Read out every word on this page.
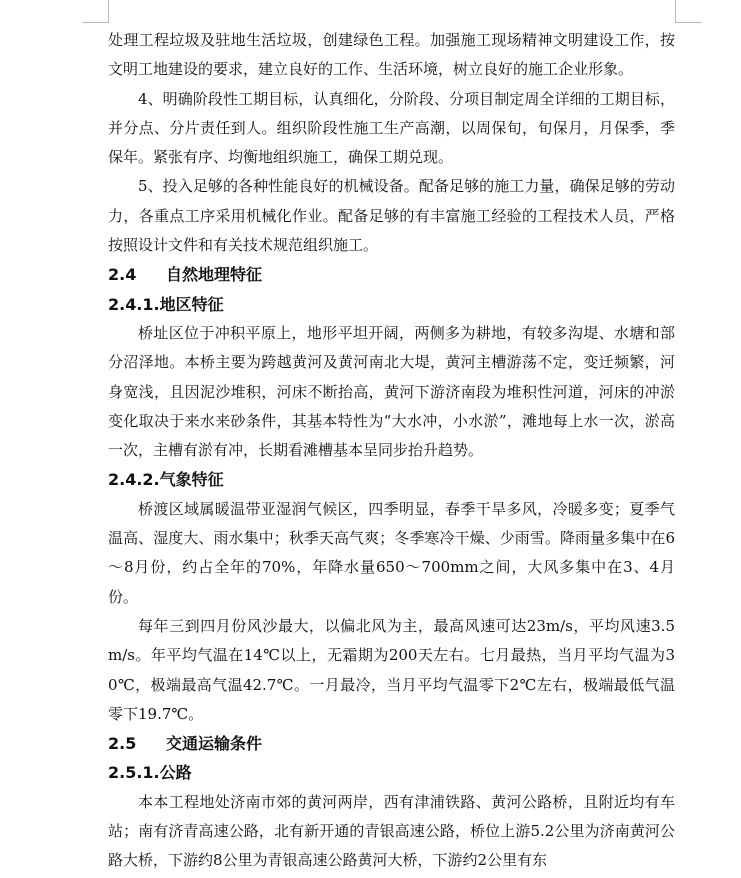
处理工程垃圾及驻地生活垃圾，创建绿色工程。加强施工现场精神文明建设工作，按文明工地建设的要求，建立良好的工作、生活环境，树立良好的施工企业形象。

4、明确阶段性工期目标，认真细化，分阶段、分项目制定周全详细的工期目标，并分点、分片责任到人。组织阶段性施工生产高潮，以周保旬，旬保月，月保季，季保年。紧张有序、均衡地组织施工，确保工期兑现。

5、投入足够的各种性能良好的机械设备。配备足够的施工力量，确保足够的劳动力，各重点工序采用机械化作业。配备足够的有丰富施工经验的工程技术人员，严格按照设计文件和有关技术规范组织施工。

2.4 自然地理特征
2.4.1.地区特征

桥址区位于冲积平原上，地形平坦开阔，两侧多为耕地，有较多沟堤、水塘和部分沼泽地。本桥主要为跨越黄河及黄河南北大堤，黄河主槽游荡不定，变迁频繁，河身宽浅，且因泥沙堆积，河床不断抬高，黄河下游济南段为堆积性河道，河床的冲淤变化取决于来水来砂条件，其基本特性为“大水冲，小水淤”，滩地每上水一次，淤高一次，主槽有淤有冲，长期看滩槽基本呈同步抬升趋势。

2.4.2.气象特征

桥渡区域属暖温带亚湿润气候区，四季明显，春季干旱多风，冷暖多变；夏季气温高、湿度大、雨水集中；秋季天高气爽；冬季寒冷干燥、少雨雪。降雨量多集中在6～8月份，约占全年的70%，年降水量650～700mm之间，大风多集中在3、4月份。

每年三到四月份风沙最大，以偏北风为主，最高风速可达23m/s，平均风速3.5m/s。年平均气温在14℃以上，无霜期为200天左右。七月最热，当月平均气温为30℃，极端最高气温42.7℃。一月最冷，当月平均气温零下2℃左右，极端最低气温零下19.7℃。

2.5 交通运输条件
2.5.1.公路

本本工程地处济南市郊的黄河两岸，西有津浦铁路、黄河公路桥，且附近均有车站；南有济青高速公路，北有新开通的青银高速公路，桥位上游5.2公里为济南黄河公路大桥，下游约8公里为青银高速公路黄河大桥，下游约2公里有东
